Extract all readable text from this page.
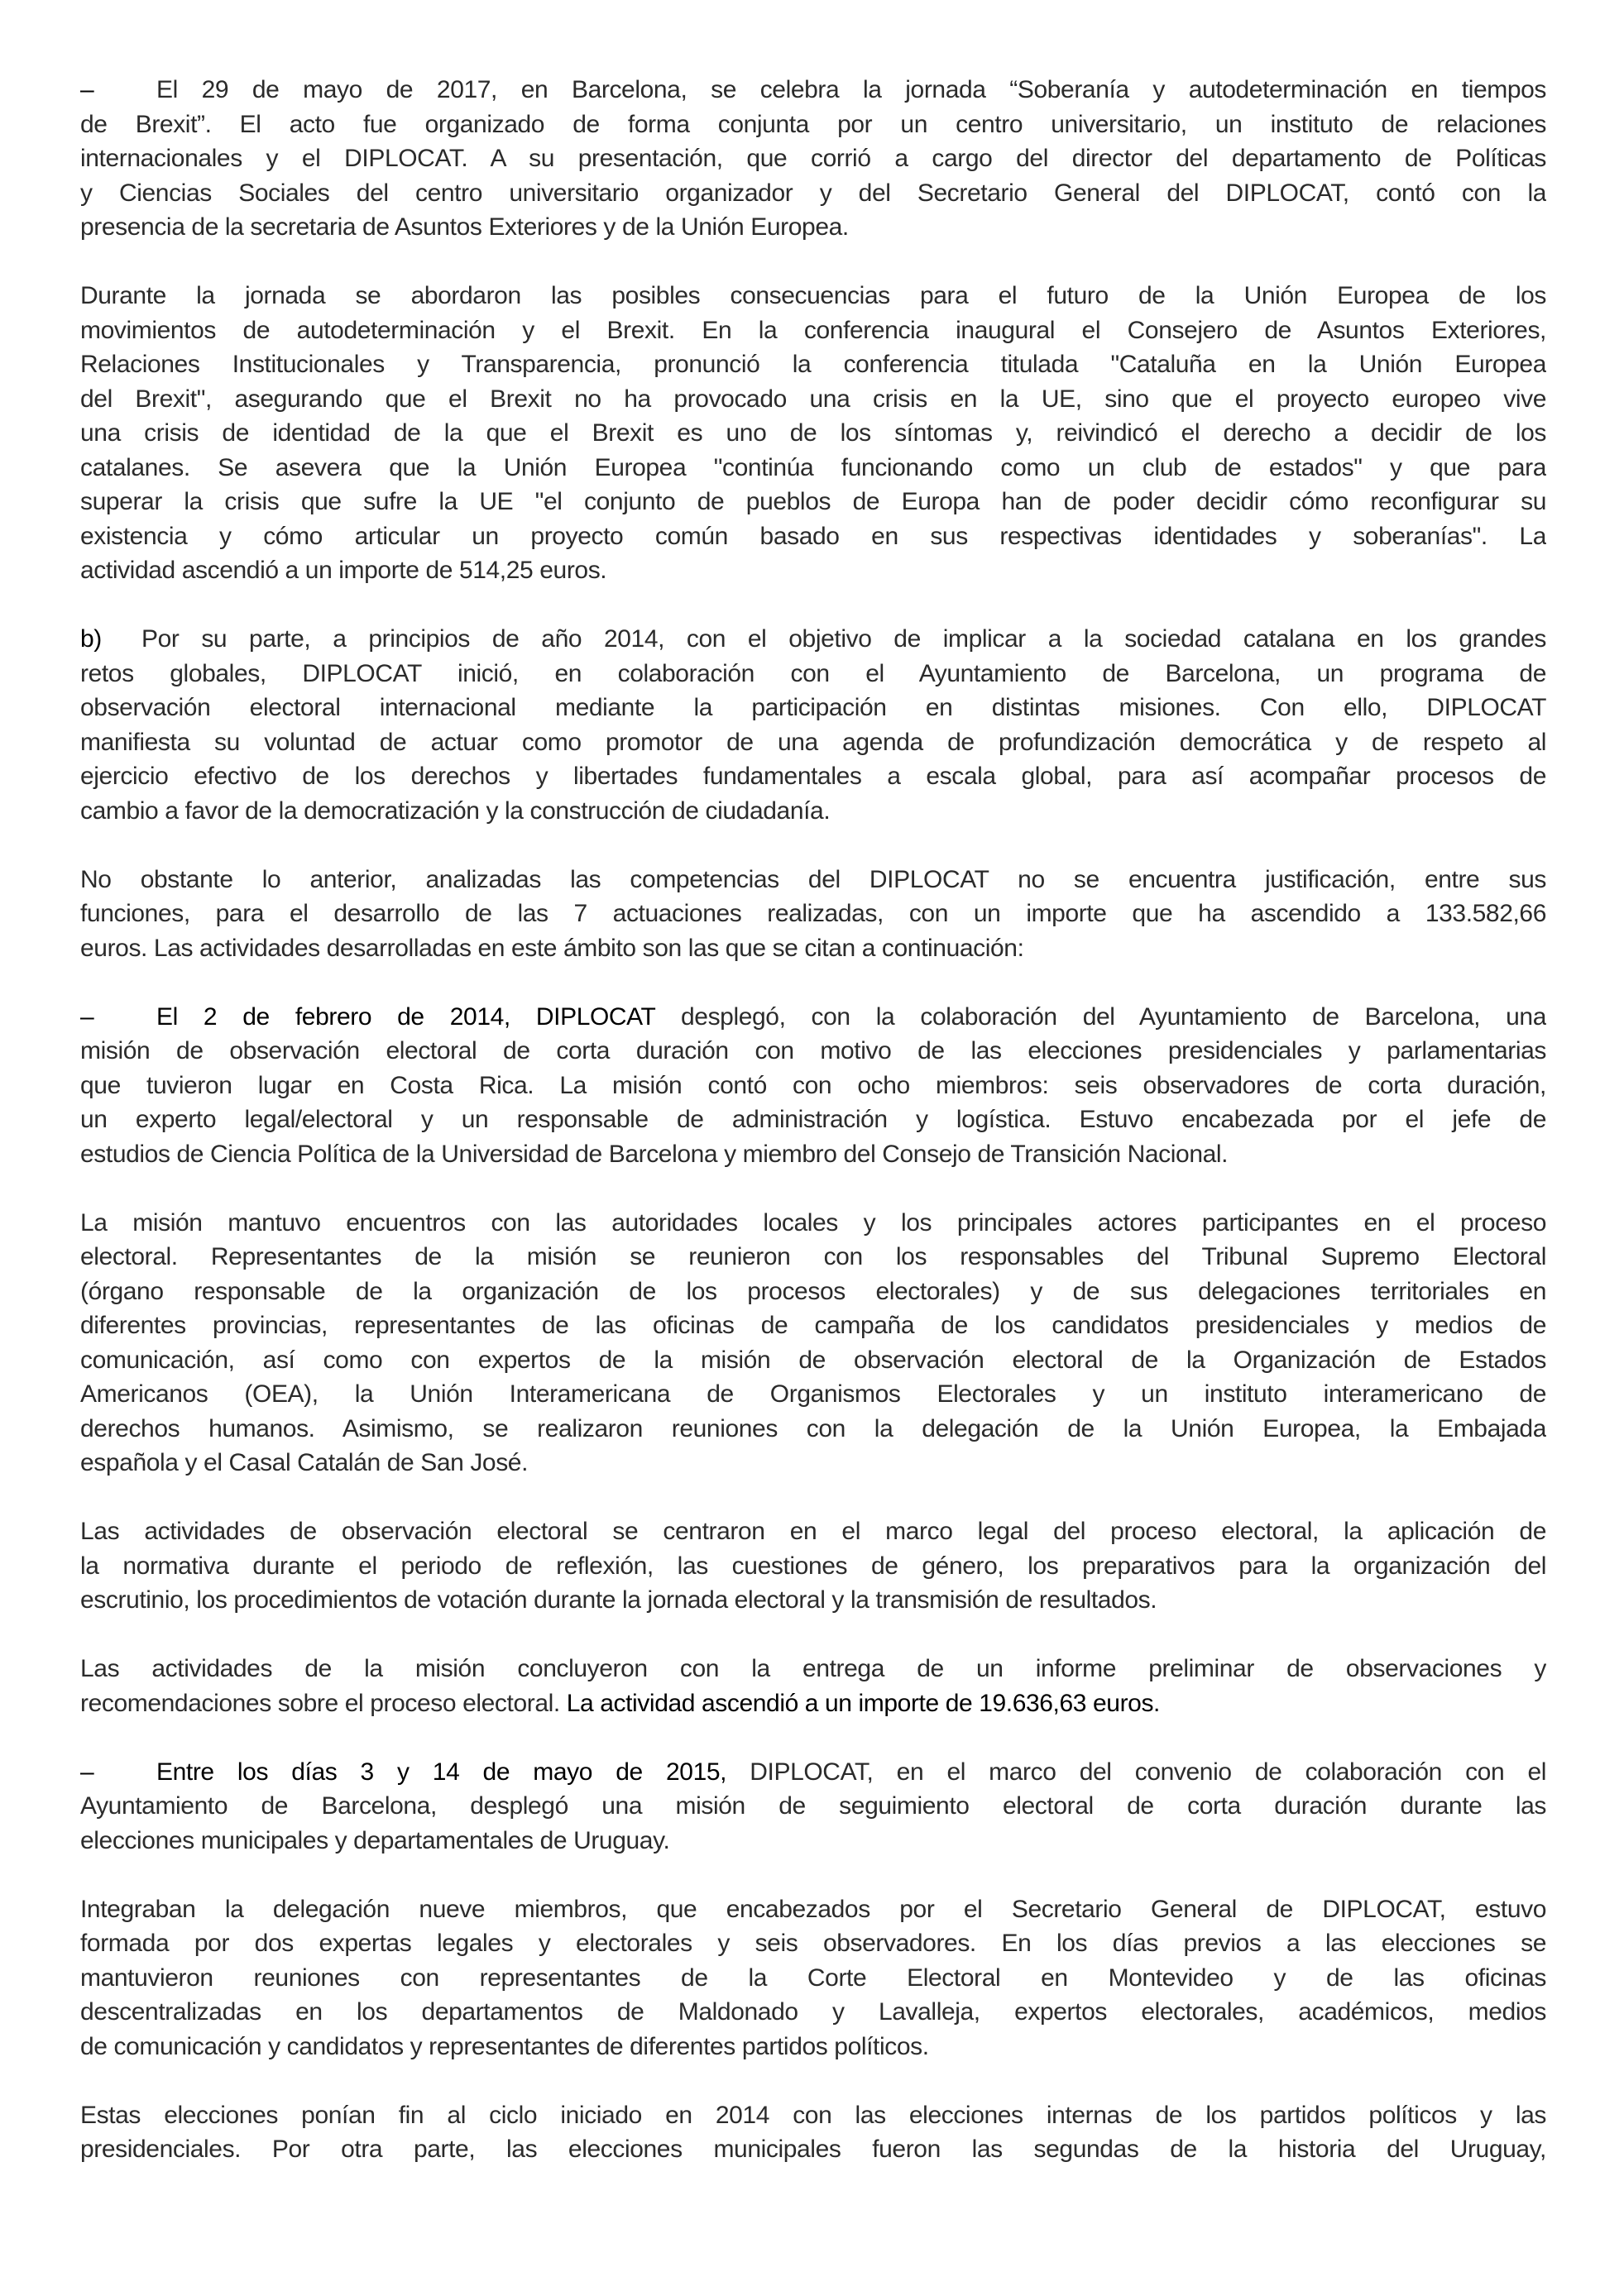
–	El 29 de mayo de 2017, en Barcelona, se celebra la jornada “Soberanía y autodeterminación en tiempos
de Brexit”. El acto fue organizado de forma conjunta por un centro universitario, un instituto de relaciones
internacionales y el DIPLOCAT. A su presentación, que corrió a cargo del director del departamento de Políticas
y Ciencias Sociales del centro universitario organizador y del Secretario General del DIPLOCAT, contó con la
presencia de la secretaria de Asuntos Exteriores y de la Unión Europea.
Durante la jornada se abordaron las posibles consecuencias para el futuro de la Unión Europea de los
movimientos de autodeterminación y el Brexit. En la conferencia inaugural el Consejero de Asuntos Exteriores,
Relaciones Institucionales y Transparencia, pronunció la conferencia titulada "Cataluña en la Unión Europea
del Brexit", asegurando que el Brexit no ha provocado una crisis en la UE, sino que el proyecto europeo vive
una crisis de identidad de la que el Brexit es uno de los síntomas y, reivindicó el derecho a decidir de los
catalanes. Se asevera que la Unión Europea "continúa funcionando como un club de estados" y que para
superar la crisis que sufre la UE "el conjunto de pueblos de Europa han de poder decidir cómo reconfigurar su
existencia y cómo articular un proyecto común basado en sus respectivas identidades y soberanías". La
actividad ascendió a un importe de 514,25 euros.
b) Por su parte, a principios de año 2014, con el objetivo de implicar a la sociedad catalana en los grandes
retos globales, DIPLOCAT inició, en colaboración con el Ayuntamiento de Barcelona, un programa de
observación electoral internacional mediante la participación en distintas misiones. Con ello, DIPLOCAT
manifiesta su voluntad de actuar como promotor de una agenda de profundización democrática y de respeto al
ejercicio efectivo de los derechos y libertades fundamentales a escala global, para así acompañar procesos de
cambio a favor de la democratización y la construcción de ciudadanía.
No obstante lo anterior, analizadas las competencias del DIPLOCAT no se encuentra justificación, entre sus
funciones, para el desarrollo de las 7 actuaciones realizadas, con un importe que ha ascendido a 133.582,66
euros. Las actividades desarrolladas en este ámbito son las que se citan a continuación:
–	El 2 de febrero de 2014, DIPLOCAT desplegó, con la colaboración del Ayuntamiento de Barcelona, una
misión de observación electoral de corta duración con motivo de las elecciones presidenciales y parlamentarias
que tuvieron lugar en Costa Rica. La misión contó con ocho miembros: seis observadores de corta duración,
un experto legal/electoral y un responsable de administración y logística. Estuvo encabezada por el jefe de
estudios de Ciencia Política de la Universidad de Barcelona y miembro del Consejo de Transición Nacional.
La misión mantuvo encuentros con las autoridades locales y los principales actores participantes en el proceso
electoral. Representantes de la misión se reunieron con los responsables del Tribunal Supremo Electoral
(órgano responsable de la organización de los procesos electorales) y de sus delegaciones territoriales en
diferentes provincias, representantes de las oficinas de campaña de los candidatos presidenciales y medios de
comunicación, así como con expertos de la misión de observación electoral de la Organización de Estados
Americanos (OEA), la Unión Interamericana de Organismos Electorales y un instituto interamericano de
derechos humanos. Asimismo, se realizaron reuniones con la delegación de la Unión Europea, la Embajada
española y el Casal Catalán de San José.
Las actividades de observación electoral se centraron en el marco legal del proceso electoral, la aplicación de
la normativa durante el periodo de reflexión, las cuestiones de género, los preparativos para la organización del
escrutinio, los procedimientos de votación durante la jornada electoral y la transmisión de resultados.
Las actividades de la misión concluyeron con la entrega de un informe preliminar de observaciones y
recomendaciones sobre el proceso electoral. La actividad ascendió a un importe de 19.636,63 euros.
–	Entre los días 3 y 14 de mayo de 2015, DIPLOCAT, en el marco del convenio de colaboración con el
Ayuntamiento de Barcelona, desplegó una misión de seguimiento electoral de corta duración durante las
elecciones municipales y departamentales de Uruguay.
Integraban la delegación nueve miembros, que encabezados por el Secretario General de DIPLOCAT, estuvo
formada por dos expertas legales y electorales y seis observadores. En los días previos a las elecciones se
mantuvieron reuniones con representantes de la Corte Electoral en Montevideo y de las oficinas
descentralizadas en los departamentos de Maldonado y Lavalleja, expertos electorales, académicos, medios
de comunicación y candidatos y representantes de diferentes partidos políticos.
Estas elecciones ponían fin al ciclo iniciado en 2014 con las elecciones internas de los partidos políticos y las
presidenciales. Por otra parte, las elecciones municipales fueron las segundas de la historia del Uruguay,
